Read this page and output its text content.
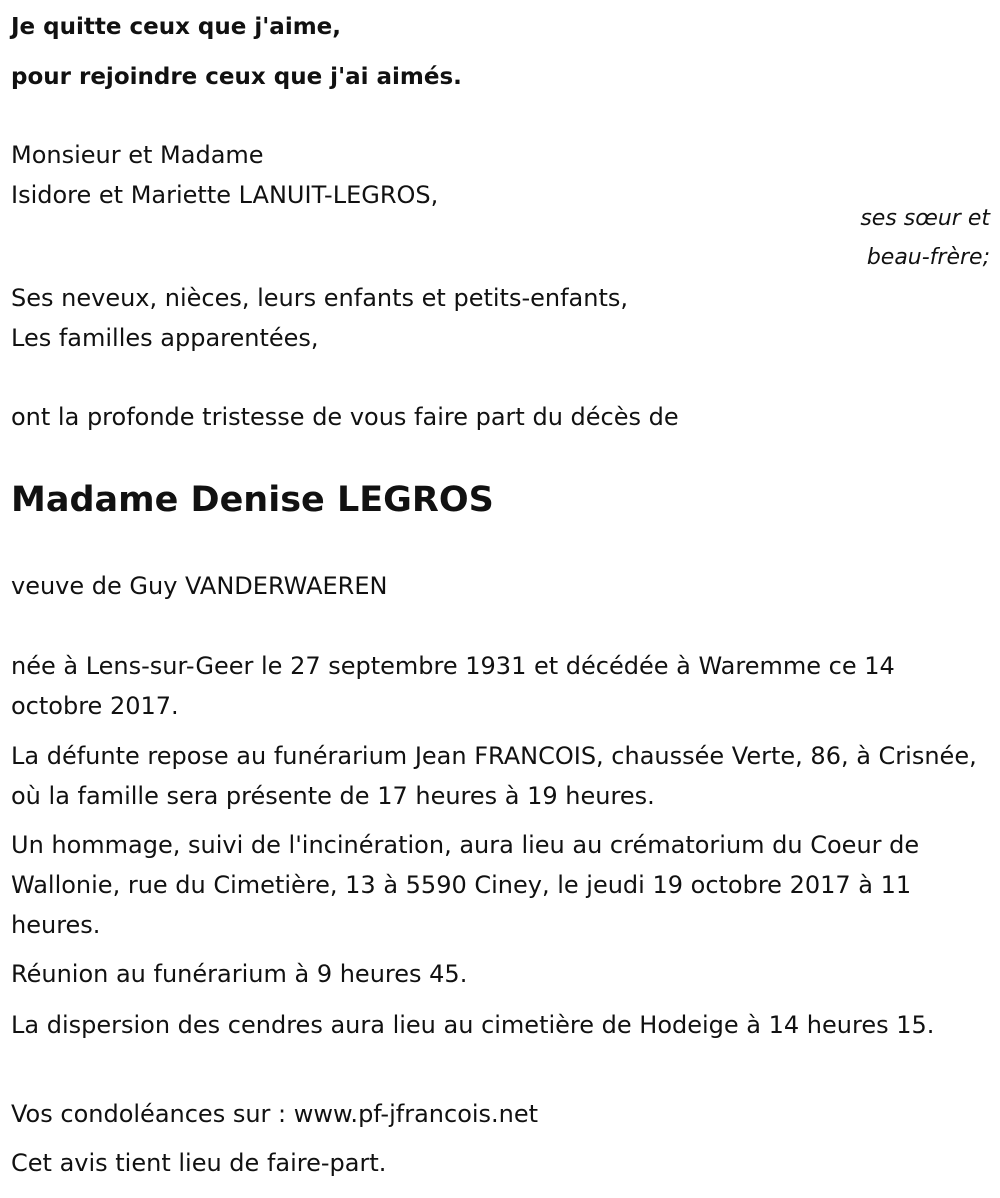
Je quitte ceux que j'aime,

pour rejoindre ceux que j'ai aimés.

Monsieur et Madame

Isidore et Mariette LANUIT-LEGROS,

ses sœur et

beau-frère;

Ses neveux, nièces, leurs enfants et petits-enfants,

Les familles apparentées,

ont la profonde tristesse de vous faire part du décès de

Madame Denise LEGROS

veuve de Guy VANDERWAEREN

née à Lens-sur-Geer le 27 septembre 1931 et décédée à Waremme ce 14 octobre 2017.

La défunte repose au funérarium Jean FRANCOIS, chaussée Verte, 86, à Crisnée, où la famille sera présente de 17 heures à 19 heures.

Un hommage, suivi de l'incinération, aura lieu au crématorium du Coeur de Wallonie, rue du Cimetière, 13 à 5590 Ciney, le jeudi 19 octobre 2017 à 11 heures.

Réunion au funérarium à 9 heures 45.

La dispersion des cendres aura lieu au cimetière de Hodeige à 14 heures 15.

Vos condoléances sur : www.pf-jfrancois.net

Cet avis tient lieu de faire-part.
